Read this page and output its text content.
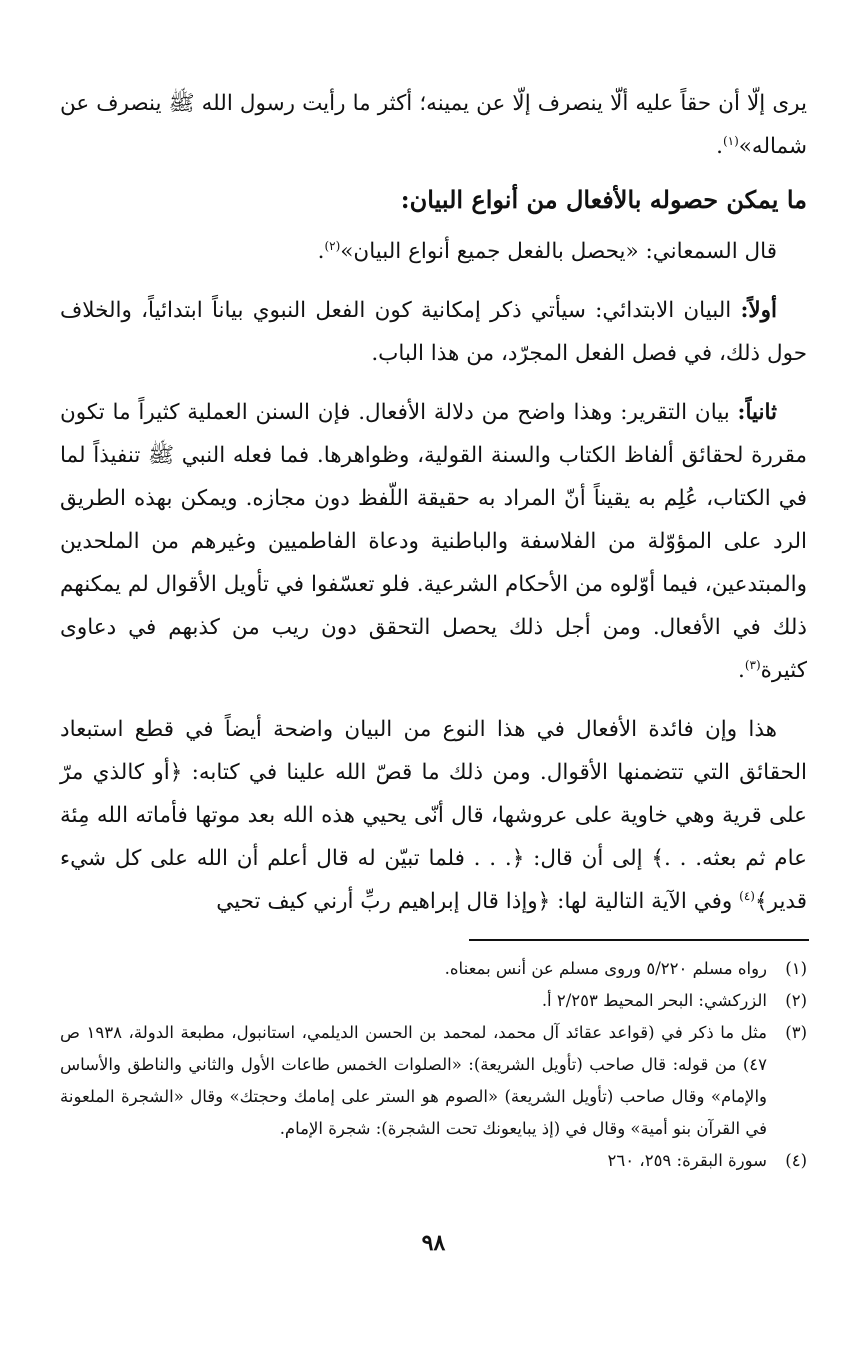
يرى إلّا أن حقاً عليه ألّا ينصرف إلّا عن يمينه؛ أكثر ما رأيت رسول الله ﷺ ينصرف عن شماله»$^{(١)}$.

ما يمكن حصوله بالأفعال من أنواع البيان:

قال السمعاني: «يحصل بالفعل جميع أنواع البيان»$^{(٢)}$.

أولاً: البيان الابتدائي: سيأتي ذكر إمكانية كون الفعل النبوي بياناً ابتدائياً، والخلاف حول ذلك، في فصل الفعل المجرّد، من هذا الباب.

ثانياً: بيان التقرير: وهذا واضح من دلالة الأفعال. فإن السنن العملية كثيراً ما تكون مقررة لحقائق ألفاظ الكتاب والسنة القولية، وظواهرها. فما فعله النبي ﷺ تنفيذاً لما في الكتاب، عُلِم به يقيناً أنّ المراد به حقيقة اللّفظ دون مجازه. ويمكن بهذه الطريق الرد على المؤوّلة من الفلاسفة والباطنية ودعاة الفاطميين وغيرهم من الملحدين والمبتدعين، فيما أوّلوه من الأحكام الشرعية. فلو تعسّفوا في تأويل الأقوال لم يمكنهم ذلك في الأفعال. ومن أجل ذلك يحصل التحقق دون ريب من كذبهم في دعاوى كثيرة$^{(٣)}$.

هذا وإن فائدة الأفعال في هذا النوع من البيان واضحة أيضاً في قطع استبعاد الحقائق التي تتضمنها الأقوال. ومن ذلك ما قصّ الله علينا في كتابه: ﴿أو كالذي مرّ على قرية وهي خاوية على عروشها، قال أنّى يحيي هذه الله بعد موتها فأماته الله مِئة عام ثم بعثه. . .﴾ إلى أن قال: ﴿. . . فلما تبيّن له قال أعلم أن الله على كل شيء قدير﴾$^{(٤)}$ وفي الآية التالية لها: ﴿وإذا قال إبراهيم ربِّ أرني كيف تحيي

(١)
رواه مسلم ٥/٢٢٠ وروى مسلم عن أنس بمعناه.

(٢)
الزركشي: البحر المحيط ٢/٢٥٣ أ.

(٣)
مثل ما ذكر في (قواعد عقائد آل محمد، لمحمد بن الحسن الديلمي، استانبول، مطبعة الدولة، ١٩٣٨ ص ٤٧) من قوله: قال صاحب (تأويل الشريعة): «الصلوات الخمس طاعات الأول والثاني والناطق والأساس والإمام» وقال صاحب (تأويل الشريعة) «الصوم هو الستر على إمامك وحجتك» وقال «الشجرة الملعونة في القرآن بنو أمية» وقال في (إذ يبايعونك تحت الشجرة): شجرة الإمام.

(٤)
سورة البقرة: ٢٥٩، ٢٦٠

٩٨
